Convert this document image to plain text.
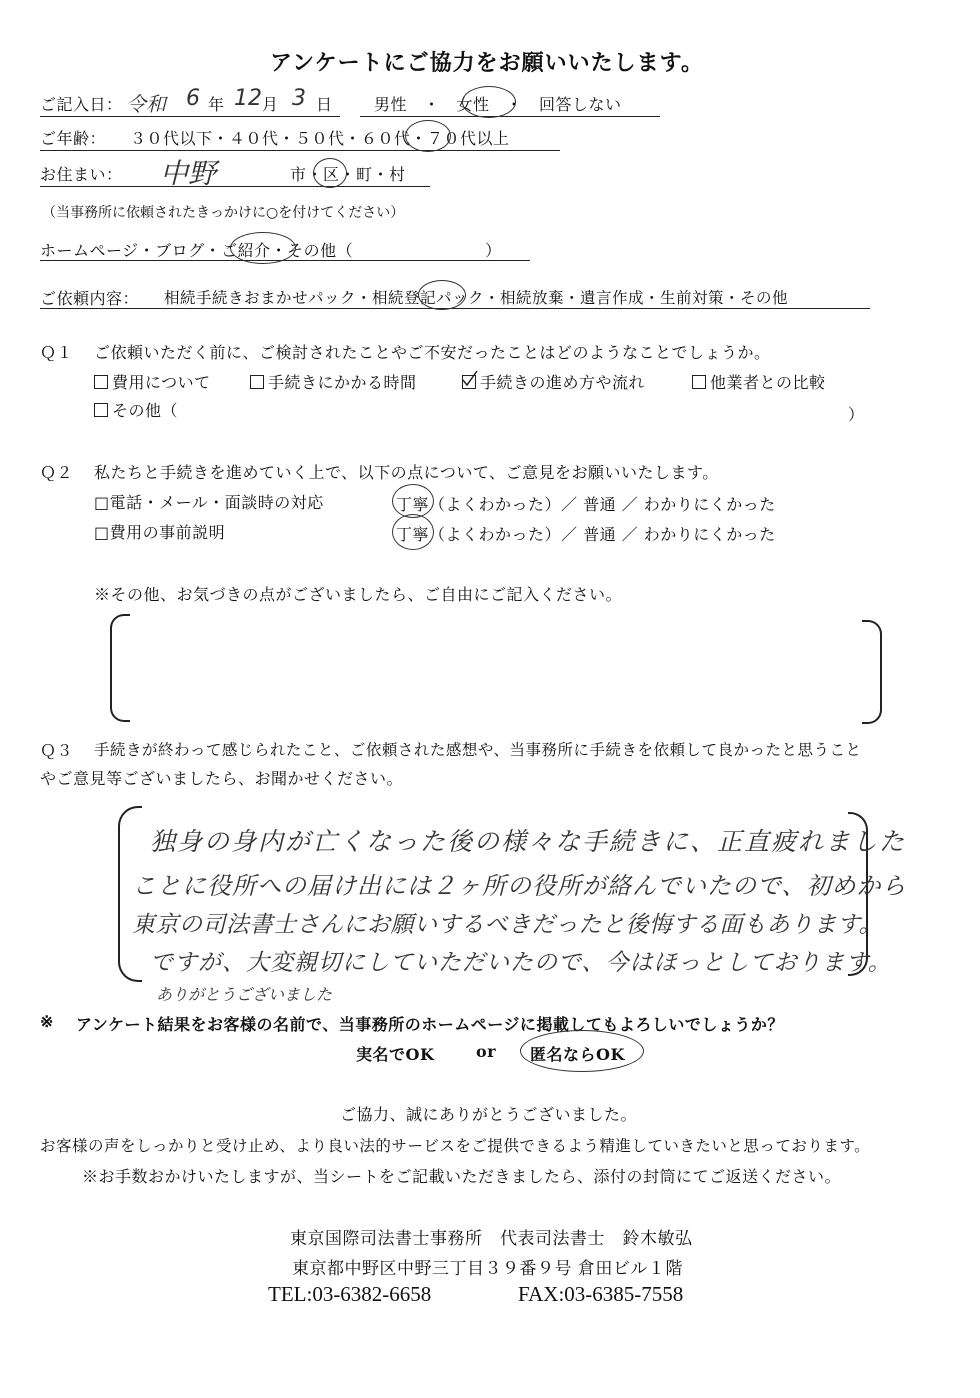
アンケートにご協力をお願いいたします。
ご記入日： 令和 6 年 12 月 3 日	男性　・　女性　・　回答しない
ご年齢： ３０代以下・４０代・５０代・６０代・７０代以上
お住まい： 中野	市・区・町・村
（当事務所に依頼されたきっかけに○を付けてください）
ホームページ・ブログ・ご紹介・その他（　　　　　　　　）
ご依頼内容： 相続手続きおまかせパック・相続登記パック・相続放棄・遺言作成・生前対策・その他
Ｑ１ ご依頼いただく前に、ご検討されたことやご不安だったことはどのようなことでしょうか。
費用について	手続きにかかる時間	手続きの進め方や流れ	他業者との比較
その他（	）
Ｑ２ 私たちと手続きを進めていく上で、以下の点について、ご意見をお願いいたします。
□電話・メール・面談時の対応	丁寧（よくわかった）／ 普通 ／ わかりにくかった
□費用の事前説明	丁寧（よくわかった）／ 普通 ／ わかりにくかった
※その他、お気づきの点がございましたら、ご自由にご記入ください。
Ｑ３ 手続きが終わって感じられたこと、ご依頼された感想や、当事務所に手続きを依頼して良かったと思うこと
やご意見等ございましたら、お聞かせください。
独身の身内が亡くなった後の様々な手続きに、正直疲れました
ことに役所への届け出には２ヶ所の役所が絡んでいたので、初めから
東京の司法書士さんにお願いするべきだったと後悔する面もあります。
ですが、大変親切にしていただいたので、今はほっとしております。
ありがとうございました
※ アンケート結果をお客様の名前で、当事務所のホームページに掲載してもよろしいでしょうか？
実名でOK	or 匿名ならOK
ご協力、誠にありがとうございました。
お客様の声をしっかりと受け止め、より良い法的サービスをご提供できるよう精進していきたいと思っております。
※お手数おかけいたしますが、当シートをご記載いただきましたら、添付の封筒にてご返送ください。
東京国際司法書士事務所　代表司法書士　鈴木敏弘
東京都中野区中野三丁目３９番９号 倉田ビル１階
TEL:03-6382-6658	FAX:03-6385-7558
